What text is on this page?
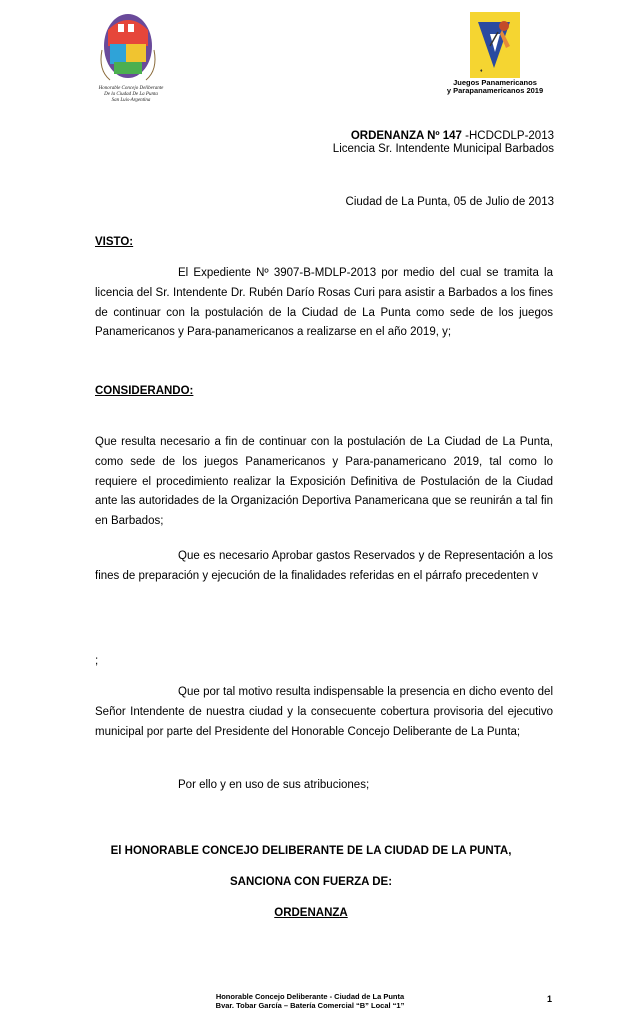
Honorable Concejo Deliberante
De la Ciudad De La Punta
San Luis-Argentina
♦
Juegos Panamericanos
y Parapanamericanos 2019
ORDENANZA Nº 147 -HCDCDLP-2013
Licencia Sr. Intendente Municipal Barbados
Ciudad de La Punta, 05 de Julio de 2013
VISTO:

El Expediente Nº 3907-B-MDLP-2013 por medio del cual se tramita la licencia del Sr. Intendente Dr. Rubén Darío Rosas Curi para asistir a Barbados a los fines de continuar con la postulación de la Ciudad de La Punta como sede de los juegos Panamericanos y Para-panamericanos a realizarse en el año 2019, y;

CONSIDERANDO:

Que resulta necesario a fin de continuar con la postulación de La Ciudad de La Punta, como sede de los juegos Panamericanos y Para-panamericano 2019, tal como lo requiere el procedimiento realizar la Exposición Definitiva de Postulación de la Ciudad ante las autoridades de la Organización Deportiva Panamericana que se reunirán a tal fin en Barbados;

Que es necesario Aprobar gastos Reservados y de Representación a los fines de preparación y ejecución de la finalidades referidas en el párrafo precedenten v

;

Que por tal motivo resulta indispensable la presencia en dicho evento del Señor Intendente de nuestra ciudad y la consecuente cobertura provisoria del ejecutivo municipal por parte del Presidente del Honorable Concejo Deliberante de La Punta;

Por ello y en uso de sus atribuciones;

El HONORABLE CONCEJO DELIBERANTE DE LA CIUDAD DE LA PUNTA,
SANCIONA CON FUERZA DE:
ORDENANZA
Honorable Concejo Deliberante - Ciudad de La Punta
Bvar. Tobar García – Batería Comercial “B” Local “1”
1
